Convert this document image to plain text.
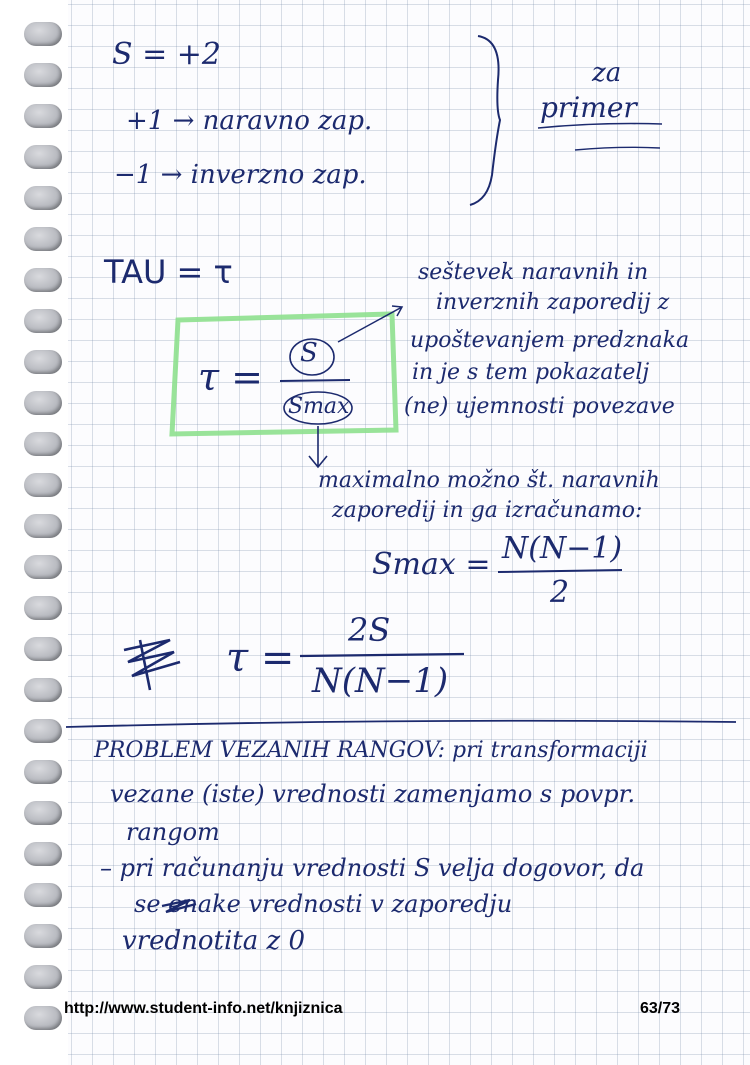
S = +2
+1 → naravno zap.
−1 → inverzno zap.
za
primer
TAU = τ
τ =
S
Smax
seštevek naravnih in
inverznih zaporedij z
upoštevanjem predznaka
in je s tem pokazatelj
(ne) ujemnosti povezave
maximalno možno št. naravnih
zaporedij in ga izračunamo:
Smax = N(N−1)
2
τ =
2S
N(N−1)
PROBLEM VEZANIH RANGOV: pri transformaciji
vezane (iste) vrednosti zamenjamo s povpr.
rangom
– pri računanju vrednosti S velja dogovor, da
se enake vrednosti v zaporedju
vrednotita z 0
http://www.student-info.net/knjiznica	63/73
